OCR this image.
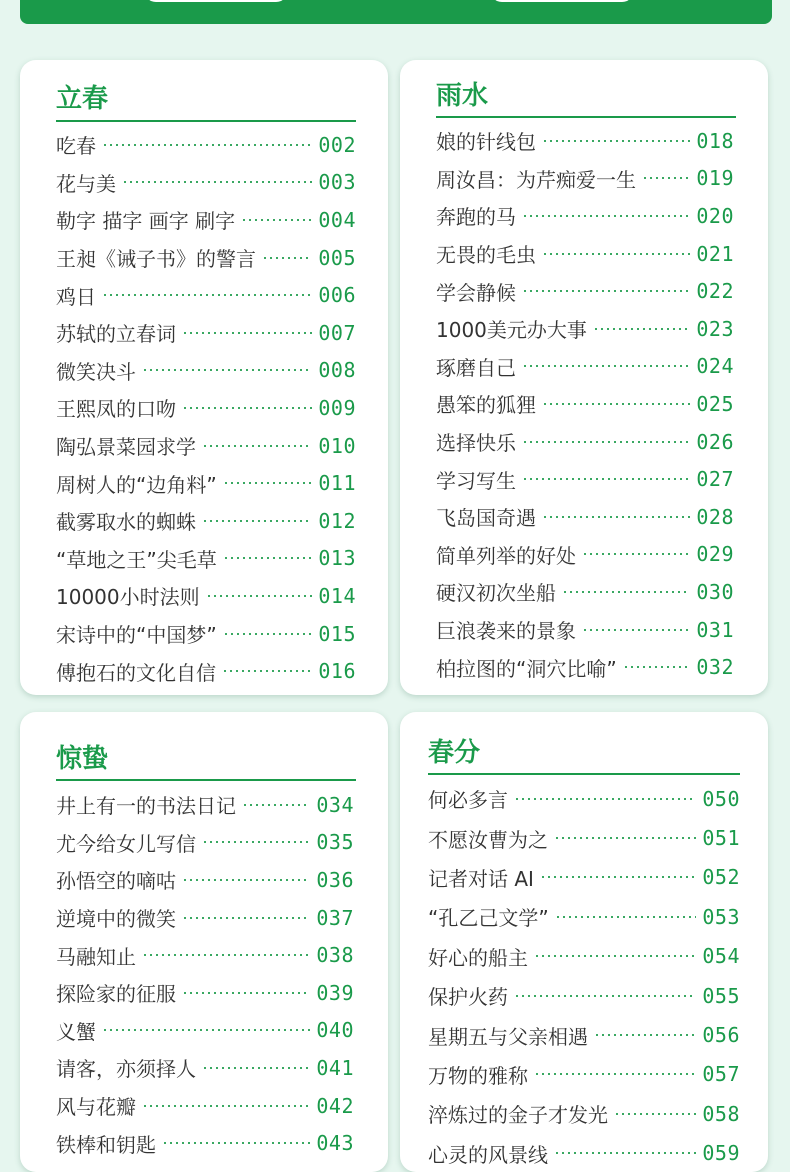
立春
吃春	002
花与美	003
勒字 描字 画字 刷字	004
王昶《诫子书》的警言	005
鸡日	006
苏轼的立春词	007
微笑决斗	008
王熙凤的口吻	009
陶弘景菜园求学	010
周树人的“边角料”	011
截雾取水的蜘蛛	012
“草地之王”尖毛草	013
10000小时法则	014
宋诗中的“中国梦”	015
傅抱石的文化自信	016
雨水
娘的针线包	018
周汝昌：为芹痴爱一生	019
奔跑的马	020
无畏的毛虫	021
学会静候	022
1000美元办大事	023
琢磨自己	024
愚笨的狐狸	025
选择快乐	026
学习写生	027
飞岛国奇遇	028
简单列举的好处	029
硬汉初次坐船	030
巨浪袭来的景象	031
柏拉图的“洞穴比喻”	032
惊蛰
井上有一的书法日记	034
尤今给女儿写信	035
孙悟空的嘀咕	036
逆境中的微笑	037
马融知止	038
探险家的征服	039
义蟹	040
请客，亦须择人	041
风与花瓣	042
铁棒和钥匙	043
春分
何必多言	050
不愿汝曹为之	051
记者对话 AI	052
“孔乙己文学”	053
好心的船主	054
保护火药	055
星期五与父亲相遇	056
万物的雅称	057
淬炼过的金子才发光	058
心灵的风景线	059
